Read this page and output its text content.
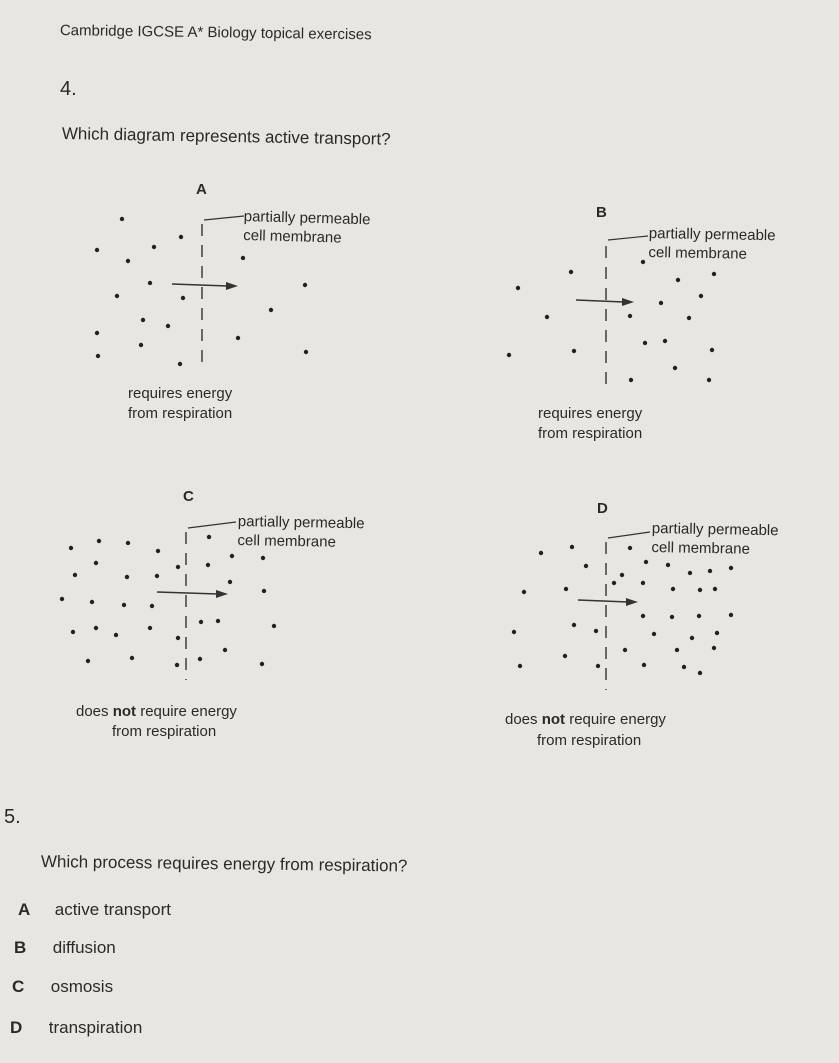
Cambridge IGCSE A* Biology topical exercises
4.
Which diagram represents active transport?
A
partially permeable
cell membrane
requires energy
from respiration
B
partially permeable
cell membrane
requires energy
from respiration
C
partially permeable
cell membrane
does not require energy
from respiration
D
partially permeable
cell membrane
does not require energy
from respiration
5.
Which process requires energy from respiration?
A active transport
B diffusion
C osmosis
D transpiration
